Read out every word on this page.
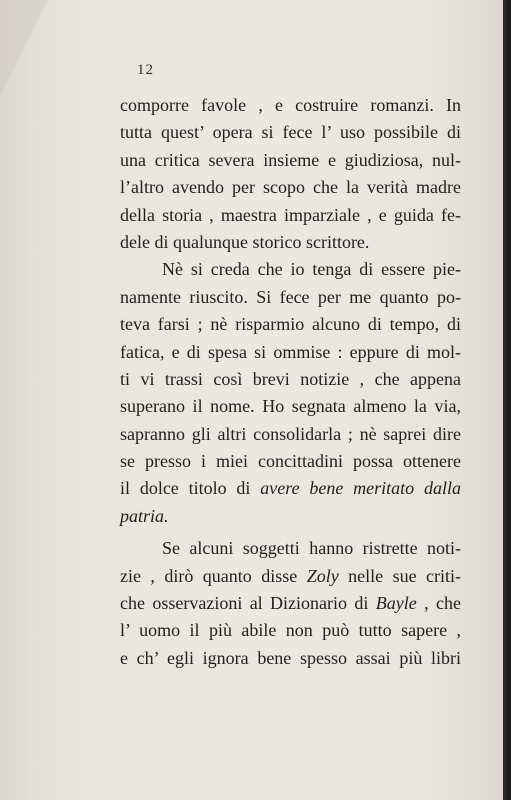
12
comporre favole , e costruire romanzi. In
tutta quest’ opera si fece l’ uso possibile di
una critica severa insieme e giudiziosa, nul-
l’altro avendo per scopo che la verità madre
della storia , maestra imparziale , e guida fe-
dele di qualunque storico scrittore.
Nè si creda che io tenga di essere pie-
namente riuscito. Si fece per me quanto po-
teva farsi ; nè risparmio alcuno di tempo, di
fatica, e di spesa si ommise : eppure di mol-
ti vi trassi così brevi notizie , che appena
superano il nome. Ho segnata almeno la via,
sapranno gli altri consolidarla ; nè saprei dire
se presso i miei concittadini possa ottenere
il dolce titolo di avere bene meritato dalla
patria.
Se alcuni soggetti hanno ristrette noti-
zie , dirò quanto disse Zoly nelle sue criti-
che osservazioni al Dizionario di Bayle , che
l’ uomo il più abile non può tutto sapere ,
e ch’ egli ignora bene spesso assai più libri
